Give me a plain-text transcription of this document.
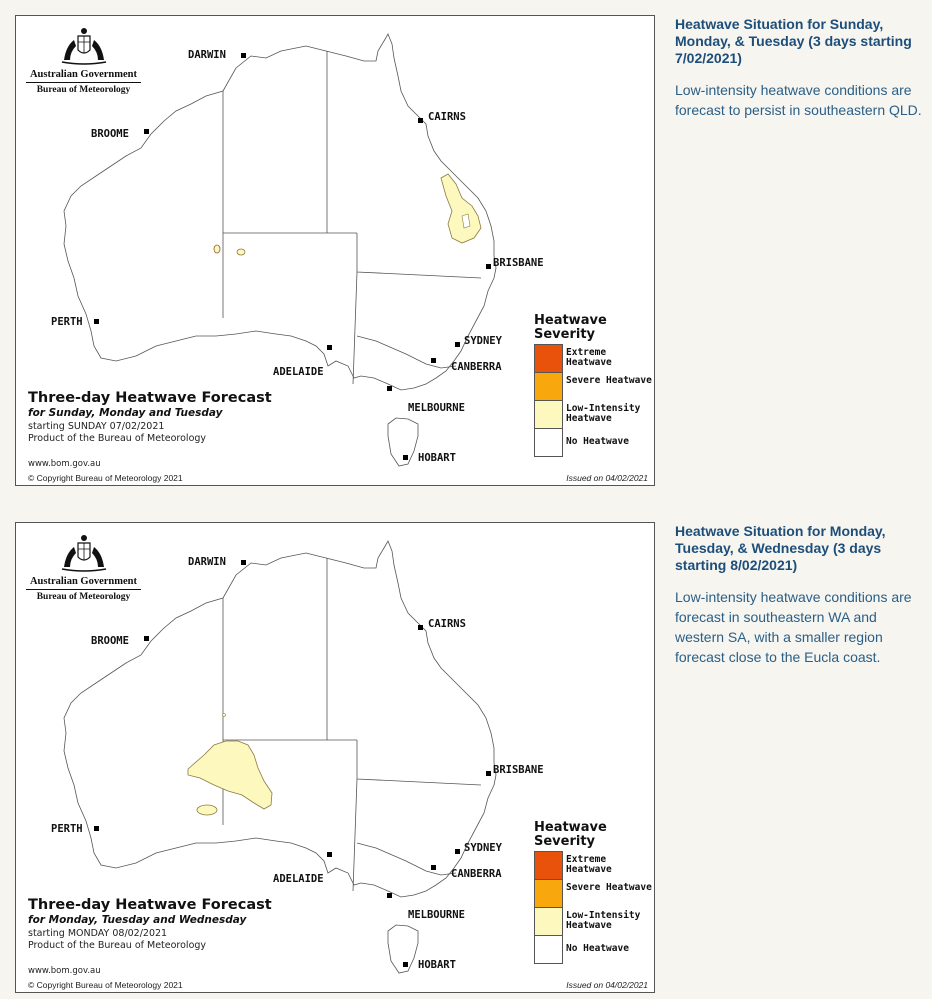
DARWIN
BROOME
CAIRNS
BRISBANE
PERTH
SYDNEY
CANBERRA
ADELAIDE
MELBOURNE
HOBART
Australian Government
Bureau of Meteorology
Three-day Heatwave Forecast
for Sunday, Monday and Tuesday
starting SUNDAY 07/02/2021
Product of the Bureau of Meteorology
www.bom.gov.au
Heatwave Severity
Extreme Heatwave
Severe Heatwave
Low-Intensity Heatwave
No Heatwave
© Copyright Bureau of Meteorology 2021	Issued on 04/02/2021
Heatwave Situation for Sunday, Monday, & Tuesday (3 days starting 7/02/2021)

Low-intensity heatwave conditions are forecast to persist in southeastern QLD.

DARWIN
BROOME
CAIRNS
BRISBANE
PERTH
SYDNEY
CANBERRA
ADELAIDE
MELBOURNE
HOBART
Australian Government
Bureau of Meteorology
Three-day Heatwave Forecast
for Monday, Tuesday and Wednesday
starting MONDAY 08/02/2021
Product of the Bureau of Meteorology
www.bom.gov.au
Heatwave Severity
Extreme Heatwave
Severe Heatwave
Low-Intensity Heatwave
No Heatwave
© Copyright Bureau of Meteorology 2021	Issued on 04/02/2021
Heatwave Situation for Monday, Tuesday, & Wednesday (3 days starting 8/02/2021)

Low-intensity heatwave conditions are forecast in southeastern WA and western SA, with a smaller region forecast close to the Eucla coast.
